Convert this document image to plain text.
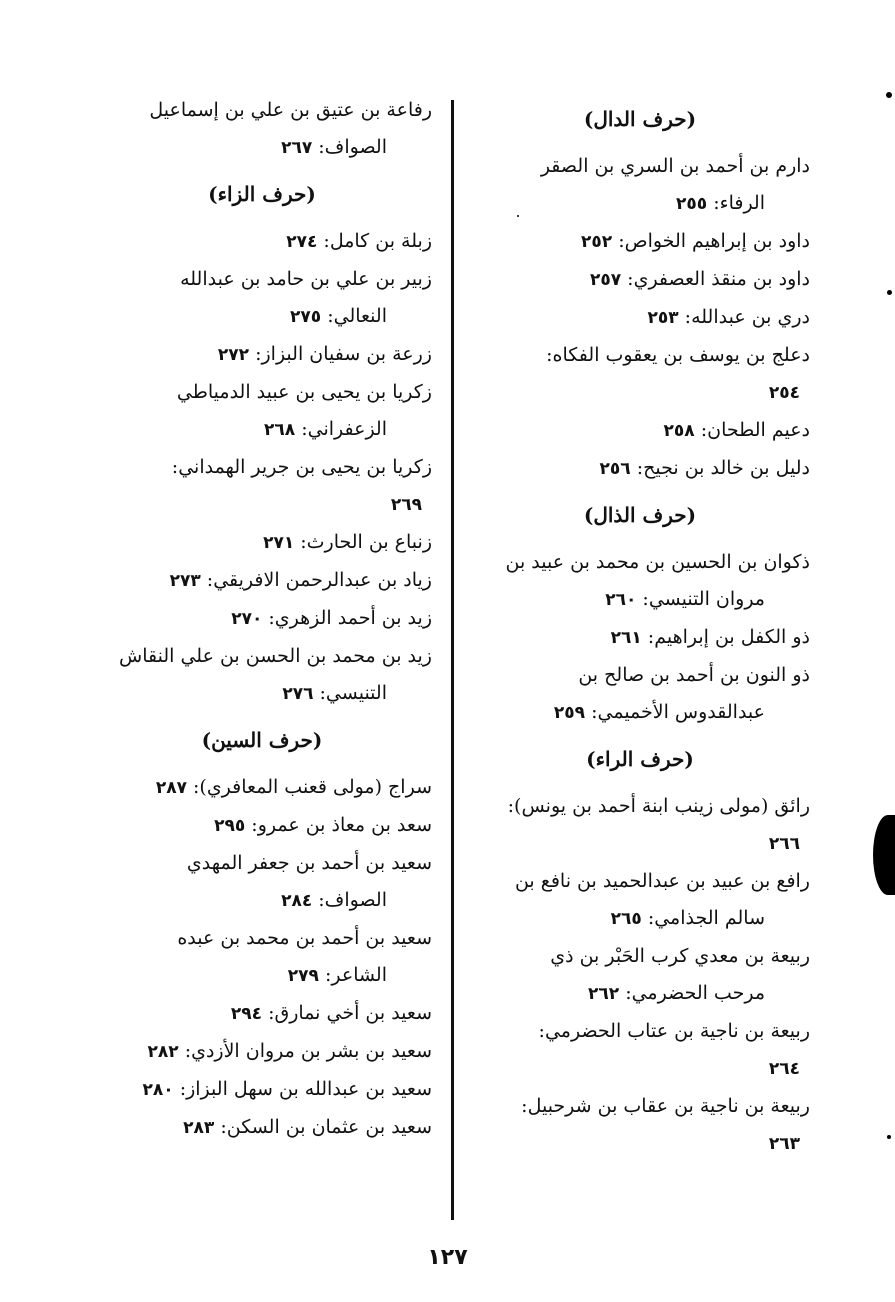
(حرف الدال)
دارم بن أحمد بن السري بن الصقر
الرفاء: ٢٥٥
داود بن إبراهيم الخواص: ٢٥٢
داود بن منقذ العصفري: ٢٥٧
دري بن عبدالله: ٢٥٣
دعلج بن يوسف بن يعقوب الفكاه:
٢٥٤
دعيم الطحان: ٢٥٨
دليل بن خالد بن نجيح: ٢٥٦
(حرف الذال)
ذكوان بن الحسين بن محمد بن عبيد بن
مروان التنيسي: ٢٦٠
ذو الكفل بن إبراهيم: ٢٦١
ذو النون بن أحمد بن صالح بن
عبدالقدوس الأخميمي: ٢٥٩
(حرف الراء)
رائق (مولى زينب ابنة أحمد بن يونس):
٢٦٦
رافع بن عبيد بن عبدالحميد بن نافع بن
سالم الجذامي: ٢٦٥
ربيعة بن معدي كرب الحَبْر بن ذي
مرحب الحضرمي: ٢٦٢
ربيعة بن ناجية بن عتاب الحضرمي:
٢٦٤
ربيعة بن ناجية بن عقاب بن شرحبيل:
٢٦٣
رفاعة بن عتيق بن علي بن إسماعيل
الصواف: ٢٦٧
(حرف الزاء)
زبلة بن كامل: ٢٧٤
زبير بن علي بن حامد بن عبدالله
النعالي: ٢٧٥
زرعة بن سفيان البزاز: ٢٧٢
زكريا بن يحيى بن عبيد الدمياطي
الزعفراني: ٢٦٨
زكريا بن يحيى بن جرير الهمداني:
٢٦٩
زنباع بن الحارث: ٢٧١
زياد بن عبدالرحمن الافريقي: ٢٧٣
زيد بن أحمد الزهري: ٢٧٠
زيد بن محمد بن الحسن بن علي النقاش
التنيسي: ٢٧٦
(حرف السين)
سراج (مولى قعنب المعافري): ٢٨٧
سعد بن معاذ بن عمرو: ٢٩٥
سعيد بن أحمد بن جعفر المهدي
الصواف: ٢٨٤
سعيد بن أحمد بن محمد بن عبده
الشاعر: ٢٧٩
سعيد بن أخي نمارق: ٢٩٤
سعيد بن بشر بن مروان الأزدي: ٢٨٢
سعيد بن عبدالله بن سهل البزاز: ٢٨٠
سعيد بن عثمان بن السكن: ٢٨٣
١٢٧
